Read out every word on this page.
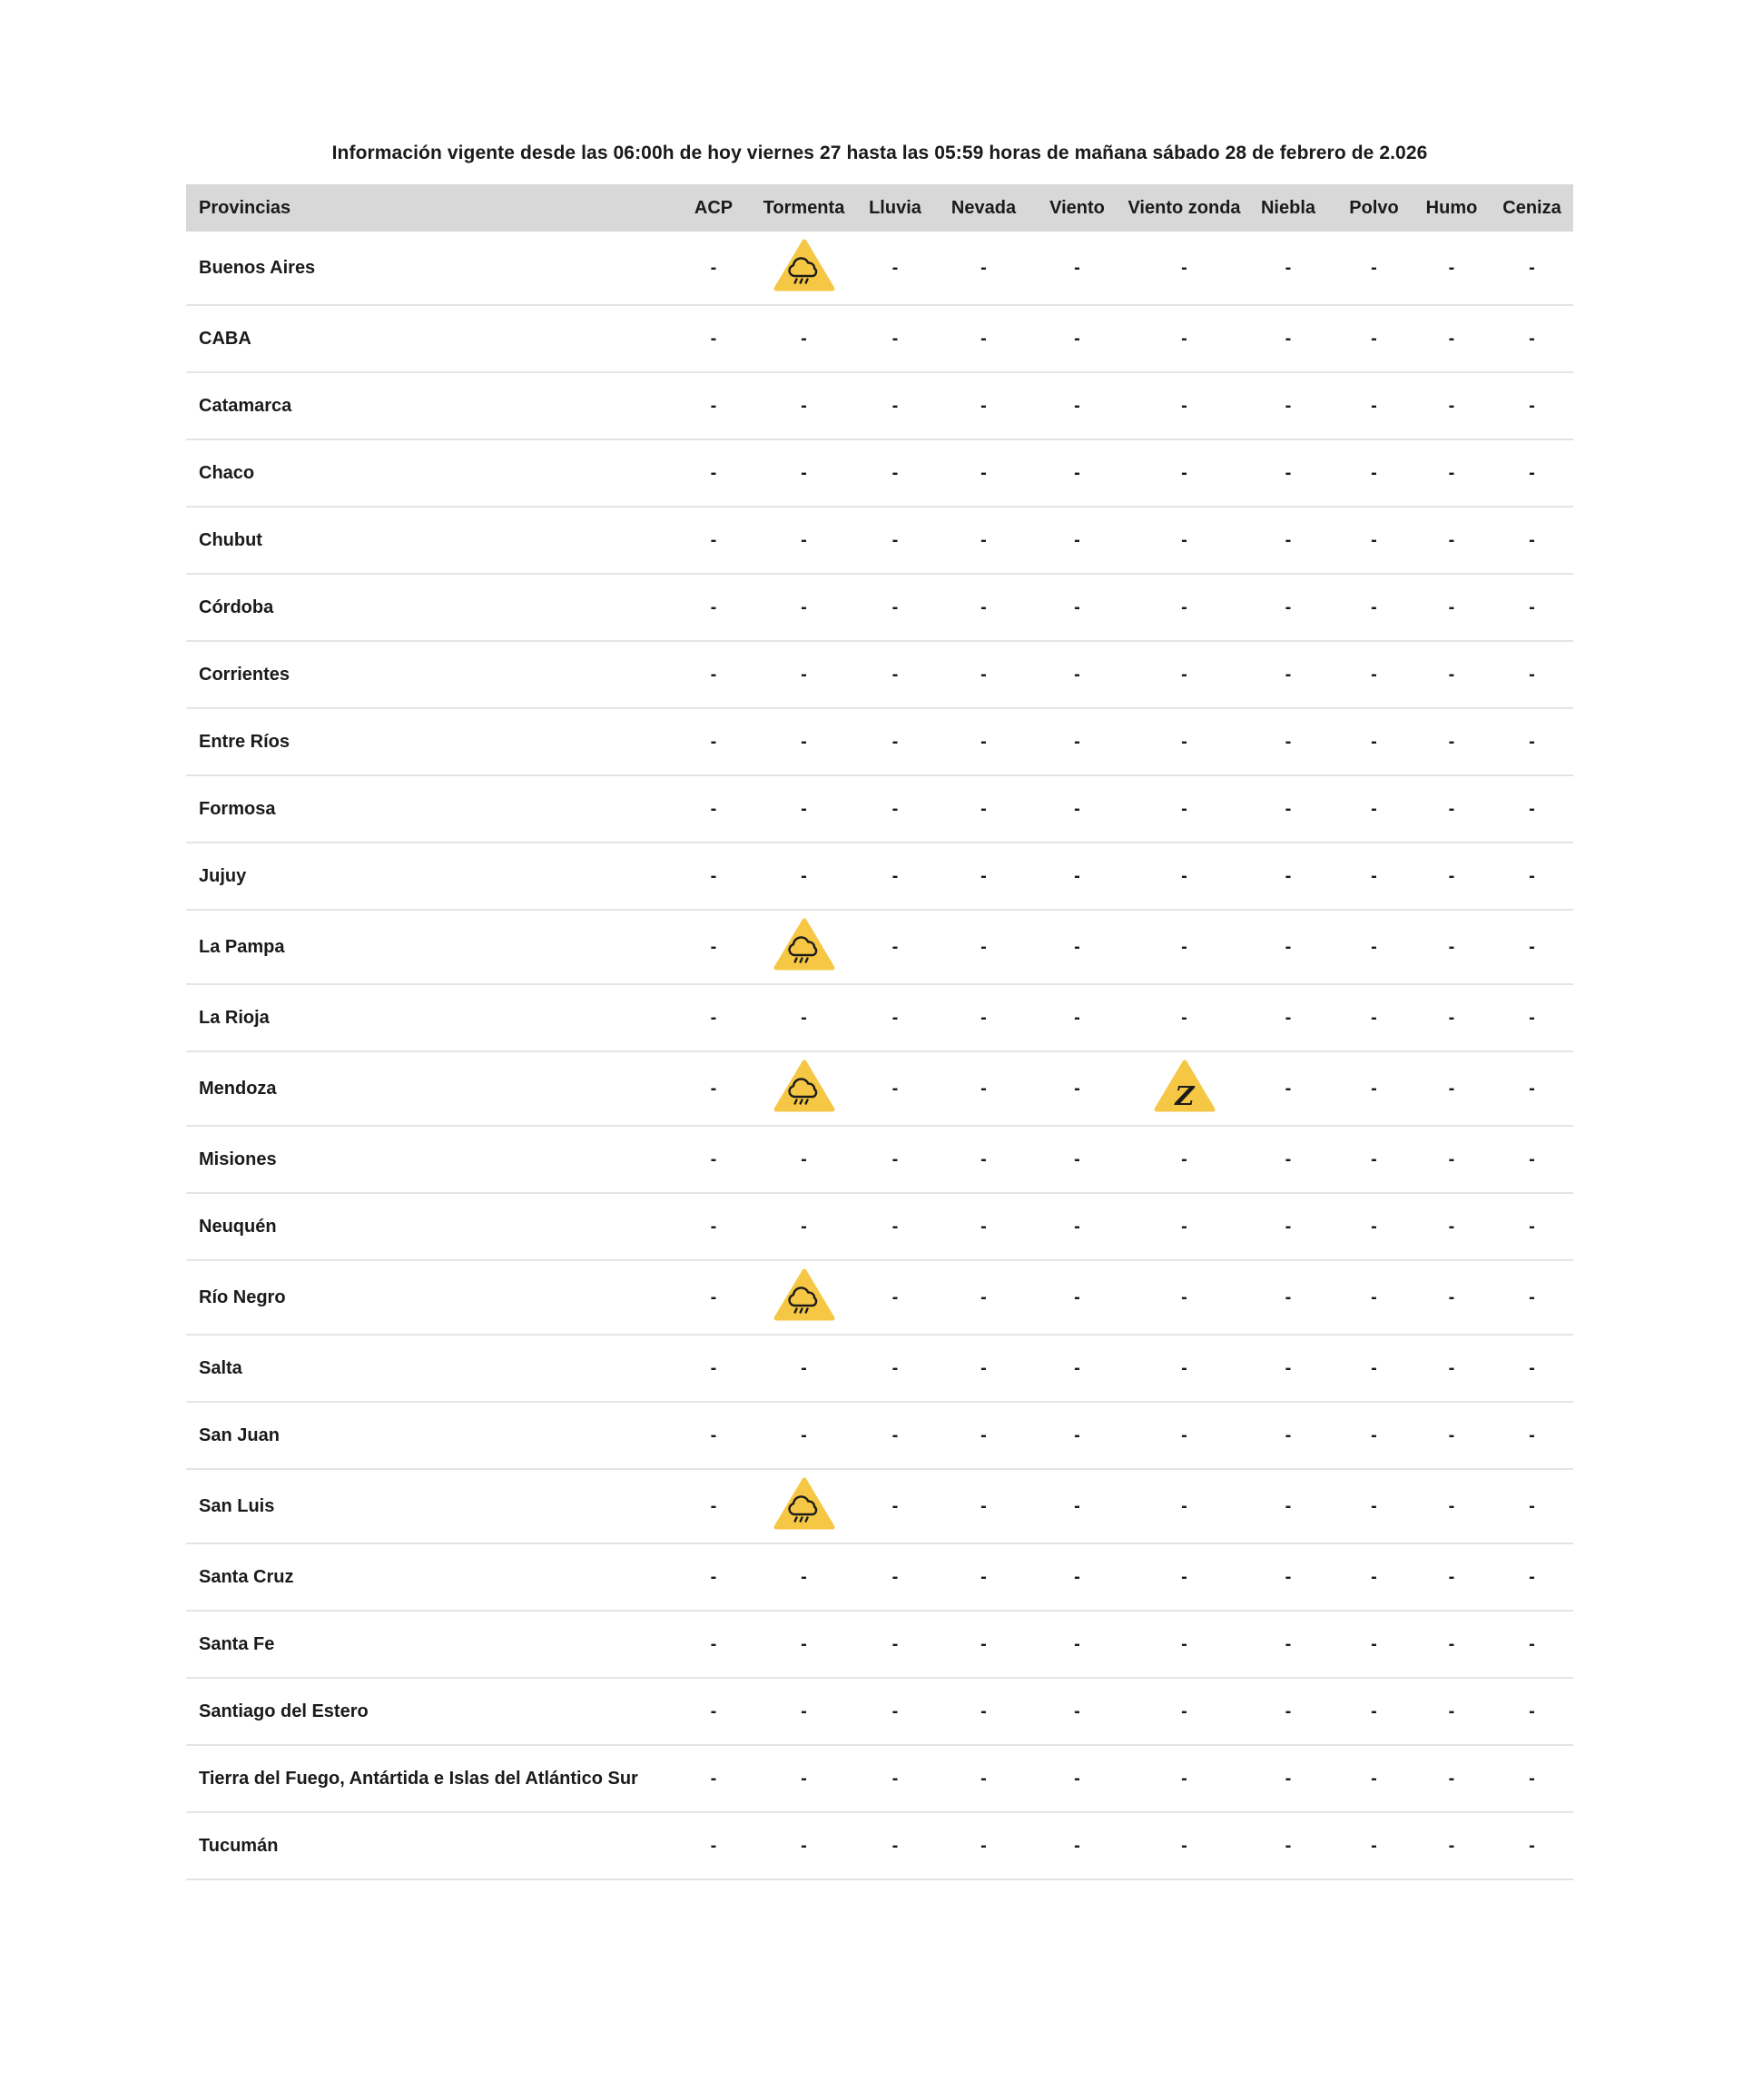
Información vigente desde las 06:00h de hoy viernes 27 hasta las 05:59 horas de mañana sábado 28 de febrero de 2.026
Provincias	ACP	Tormenta	Lluvia	Nevada	Viento	Viento zonda	Niebla	Polvo	Humo	Ceniza
Buenos Aires	-		-	-	-	-	-	-	-	-
CABA	-	-	-	-	-	-	-	-	-	-
Catamarca	-	-	-	-	-	-	-	-	-	-
Chaco	-	-	-	-	-	-	-	-	-	-
Chubut	-	-	-	-	-	-	-	-	-	-
Córdoba	-	-	-	-	-	-	-	-	-	-
Corrientes	-	-	-	-	-	-	-	-	-	-
Entre Ríos	-	-	-	-	-	-	-	-	-	-
Formosa	-	-	-	-	-	-	-	-	-	-
Jujuy	-	-	-	-	-	-	-	-	-	-
La Pampa	-		-	-	-	-	-	-	-	-
La Rioja	-	-	-	-	-	-	-	-	-	-
Mendoza	-		-	-	-	Z	-	-	-	-
Misiones	-	-	-	-	-	-	-	-	-	-
Neuquén	-	-	-	-	-	-	-	-	-	-
Río Negro	-		-	-	-	-	-	-	-	-
Salta	-	-	-	-	-	-	-	-	-	-
San Juan	-	-	-	-	-	-	-	-	-	-
San Luis	-		-	-	-	-	-	-	-	-
Santa Cruz	-	-	-	-	-	-	-	-	-	-
Santa Fe	-	-	-	-	-	-	-	-	-	-
Santiago del Estero	-	-	-	-	-	-	-	-	-	-
Tierra del Fuego, Antártida e Islas del Atlántico Sur	-	-	-	-	-	-	-	-	-	-
Tucumán	-	-	-	-	-	-	-	-	-	-
